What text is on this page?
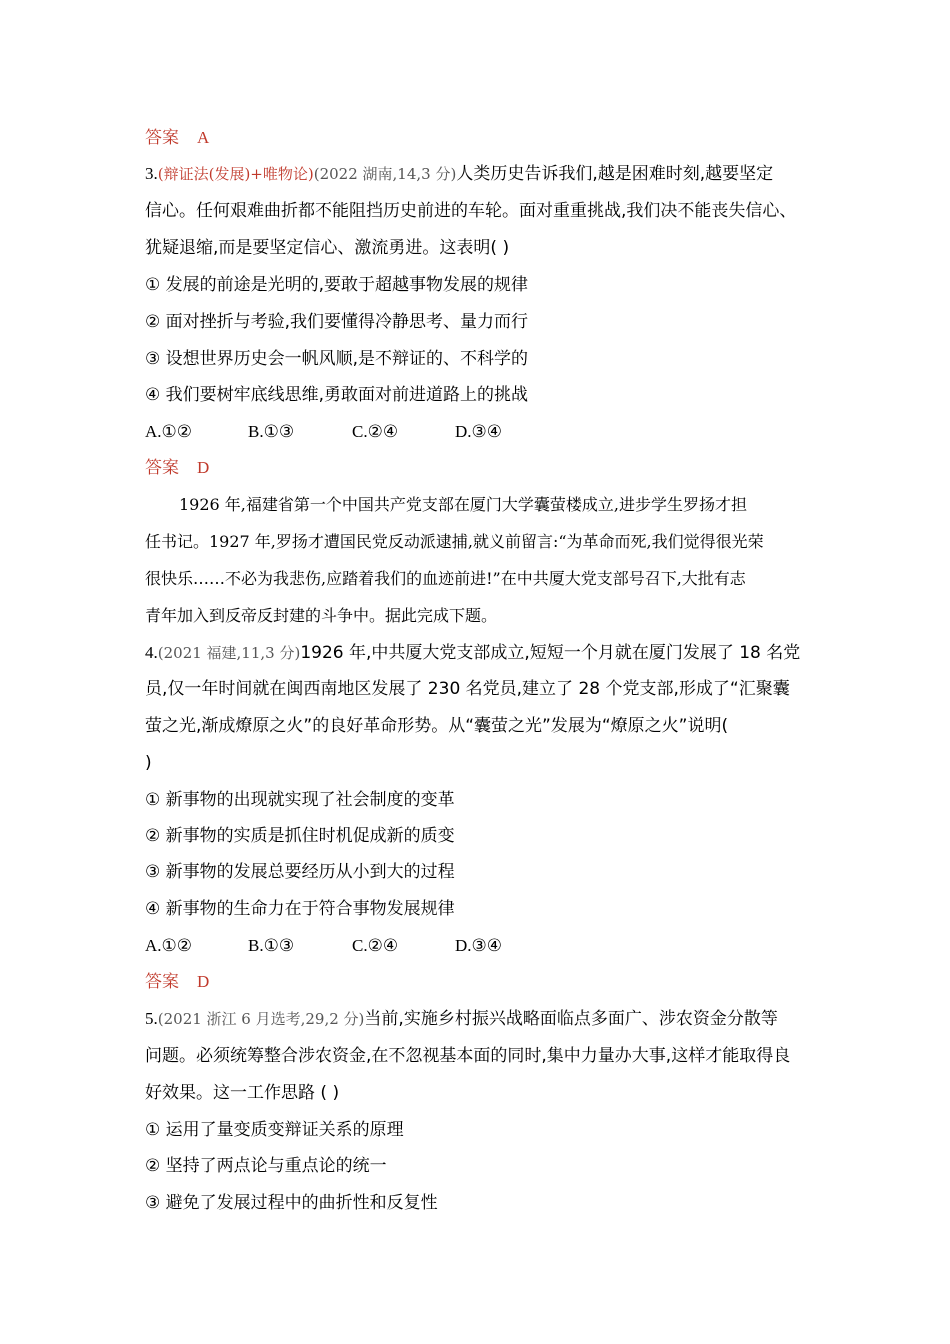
答案 A
3.(辩证法(发展)+唯物论)(2022 湖南,14,3 分)人类历史告诉我们,越是困难时刻,越要坚定
信心。任何艰难曲折都不能阻挡历史前进的车轮。面对重重挑战,我们决不能丧失信心、
犹疑退缩,而是要坚定信心、激流勇进。这表明( )
① 发展的前途是光明的,要敢于超越事物发展的规律
② 面对挫折与考验,我们要懂得冷静思考、量力而行
③ 设想世界历史会一帆风顺,是不辩证的、不科学的
④ 我们要树牢底线思维,勇敢面对前进道路上的挑战
A.①②	B.①③	C.②④	D.③④
答案 D
1926 年,福建省第一个中国共产党支部在厦门大学囊萤楼成立,进步学生罗扬才担
任书记。1927 年,罗扬才遭国民党反动派逮捕,就义前留言:“为革命而死,我们觉得很光荣
很快乐……不必为我悲伤,应踏着我们的血迹前进!”在中共厦大党支部号召下,大批有志
青年加入到反帝反封建的斗争中。据此完成下题。
4.(2021 福建,11,3 分)1926 年,中共厦大党支部成立,短短一个月就在厦门发展了 18 名党
员,仅一年时间就在闽西南地区发展了 230 名党员,建立了 28 个党支部,形成了“汇聚囊
萤之光,渐成燎原之火”的良好革命形势。从“囊萤之光”发展为“燎原之火”说明(
)
① 新事物的出现就实现了社会制度的变革
② 新事物的实质是抓住时机促成新的质变
③ 新事物的发展总要经历从小到大的过程
④ 新事物的生命力在于符合事物发展规律
A.①②	B.①③	C.②④	D.③④
答案 D
5.(2021 浙江 6 月选考,29,2 分)当前,实施乡村振兴战略面临点多面广、涉农资金分散等
问题。必须统筹整合涉农资金,在不忽视基本面的同时,集中力量办大事,这样才能取得良
好效果。这一工作思路 ( )
① 运用了量变质变辩证关系的原理
② 坚持了两点论与重点论的统一
③ 避免了发展过程中的曲折性和反复性
